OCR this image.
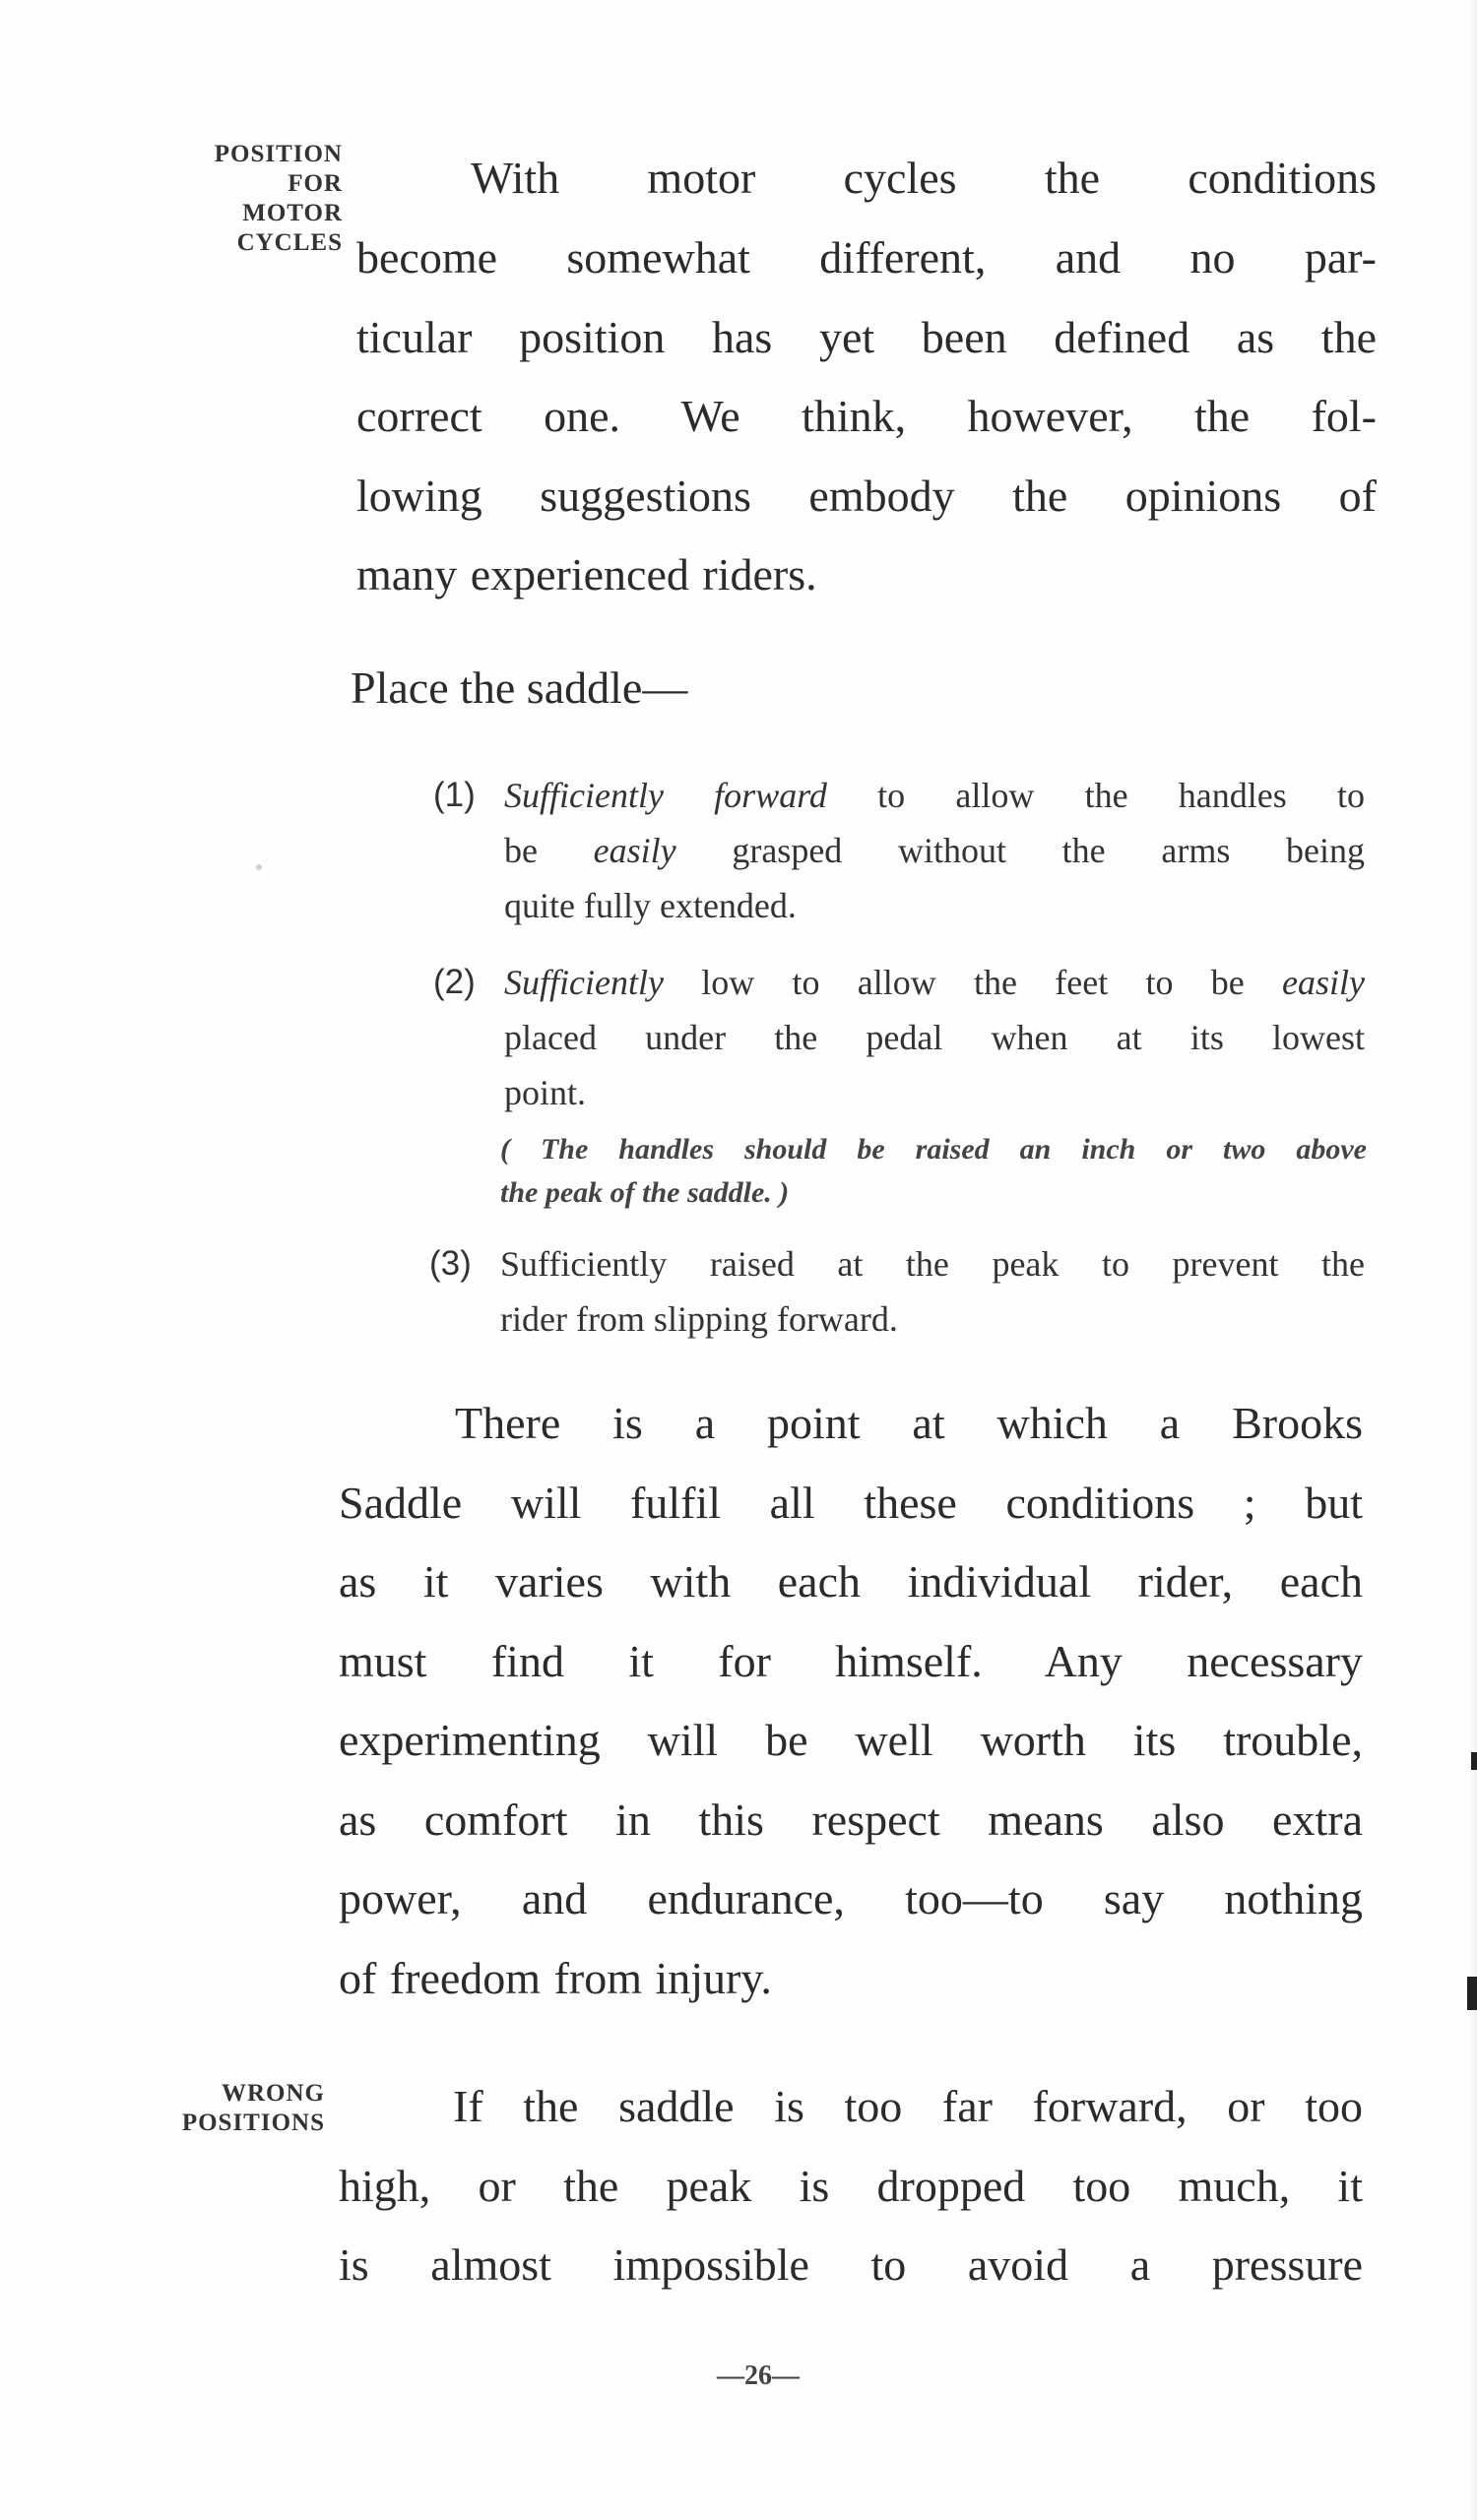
POSITION
FOR
MOTOR
CYCLES
With motor cycles the conditions
become somewhat different, and no par-
ticular position has yet been defined as the
correct one. We think, however, the fol-
lowing suggestions embody the opinions of
many experienced riders.
Place the saddle—
(1) Sufficiently forward to allow the handles to
be easily grasped without the arms being
quite fully extended.
(2) Sufficiently low to allow the feet to be easily
placed under the pedal when at its lowest
point.
( The handles should be raised an inch or two above
the peak of the saddle. )
(3) Sufficiently raised at the peak to prevent the
rider from slipping forward.
There is a point at which a Brooks
Saddle will fulfil all these conditions ; but
as it varies with each individual rider, each
must find it for himself. Any necessary
experimenting will be well worth its trouble,
as comfort in this respect means also extra
power, and endurance, too—to say nothing
of freedom from injury.
WRONG
POSITIONS	If the saddle is too far forward, or too
high, or the peak is dropped too much, it
is almost impossible to avoid a pressure
—26—
